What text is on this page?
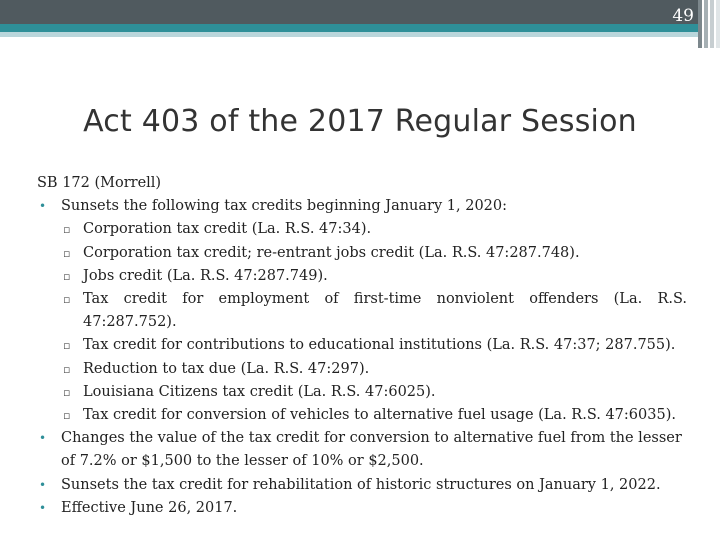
49
Act 403 of the 2017 Regular Session
SB 172 (Morrell)
• Sunsets the following tax credits beginning January 1, 2020:
▫ Corporation tax credit (La. R.S. 47:34).
▫ Corporation tax credit; re-entrant jobs credit (La. R.S. 47:287.748).
▫ Jobs credit (La. R.S. 47:287.749).
▫ Tax credit for employment of first-time nonviolent offenders (La. R.S.
47:287.752).
▫ Tax credit for contributions to educational institutions (La. R.S. 47:37; 287.755).
▫ Reduction to tax due (La. R.S. 47:297).
▫ Louisiana Citizens tax credit (La. R.S. 47:6025).
▫ Tax credit for conversion of vehicles to alternative fuel usage (La. R.S. 47:6035).
• Changes the value of the tax credit for conversion to alternative fuel from the lesser
of 7.2% or $1,500 to the lesser of 10% or $2,500.
• Sunsets the tax credit for rehabilitation of historic structures on January 1, 2022.
• Effective June 26, 2017.
